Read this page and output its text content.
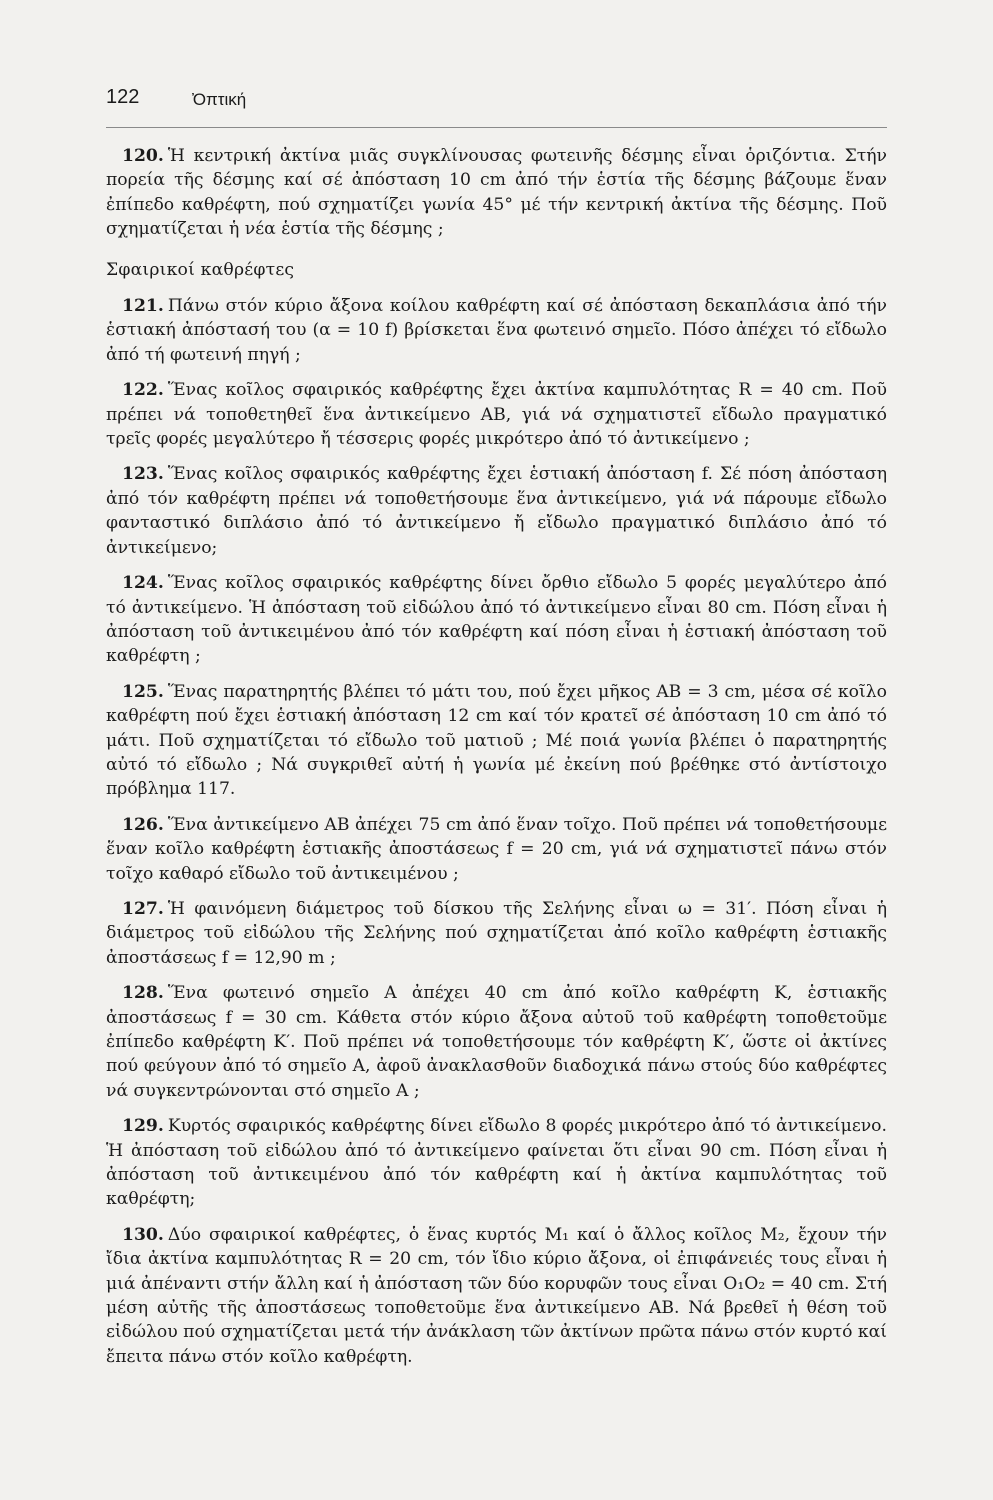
122	Ὀπτική

120. Ἡ κεντρική ἀκτίνα μιᾶς συγκλίνουσας φωτεινῆς δέσμης εἶναι ὁριζόντια. Στήν πορεία τῆς δέσμης καί σέ ἀπόσταση 10 cm ἀπό τήν ἑστία τῆς δέσμης βάζουμε ἕναν ἐπίπεδο καθρέφτη, πού σχηματίζει γωνία 45° μέ τήν κεντρική ἀκτίνα τῆς δέσμης. Ποῦ σχηματίζεται ἡ νέα ἑστία τῆς δέσμης ;

Σφαιρικοί καθρέφτες

121. Πάνω στόν κύριο ἄξονα κοίλου καθρέφτη καί σέ ἀπόσταση δεκαπλάσια ἀπό τήν ἑστιακή ἀπόστασή του (α = 10 f) βρίσκεται ἕνα φωτεινό σημεῖο. Πόσο ἀπέχει τό εἴδωλο ἀπό τή φωτεινή πηγή ;

122. Ἕνας κοῖλος σφαιρικός καθρέφτης ἔχει ἀκτίνα καμπυλότητας R = 40 cm. Ποῦ πρέπει νά τοποθετηθεῖ ἕνα ἀντικείμενο AB, γιά νά σχηματιστεῖ εἴδωλο πραγματικό τρεῖς φορές μεγαλύτερο ἤ τέσσερις φορές μικρότερο ἀπό τό ἀντικείμενο ;

123. Ἕνας κοῖλος σφαιρικός καθρέφτης ἔχει ἑστιακή ἀπόσταση f. Σέ πόση ἀπόσταση ἀπό τόν καθρέφτη πρέπει νά τοποθετήσουμε ἕνα ἀντικείμενο, γιά νά πάρουμε εἴδωλο φανταστικό διπλάσιο ἀπό τό ἀντικείμενο ἤ εἴδωλο πραγματικό διπλάσιο ἀπό τό ἀντικείμενο;

124. Ἕνας κοῖλος σφαιρικός καθρέφτης δίνει ὄρθιο εἴδωλο 5 φορές μεγαλύτερο ἀπό τό ἀντικείμενο. Ἡ ἀπόσταση τοῦ εἰδώλου ἀπό τό ἀντικείμενο εἶναι 80 cm. Πόση εἶναι ἡ ἀπόσταση τοῦ ἀντικειμένου ἀπό τόν καθρέφτη καί πόση εἶναι ἡ ἑστιακή ἀπόσταση τοῦ καθρέφτη ;

125. Ἕνας παρατηρητής βλέπει τό μάτι του, πού ἔχει μῆκος AB = 3 cm, μέσα σέ κοῖλο καθρέφτη πού ἔχει ἑστιακή ἀπόσταση 12 cm καί τόν κρατεῖ σέ ἀπόσταση 10 cm ἀπό τό μάτι. Ποῦ σχηματίζεται τό εἴδωλο τοῦ ματιοῦ ; Μέ ποιά γωνία βλέπει ὁ παρατηρητής αὐτό τό εἴδωλο ; Νά συγκριθεῖ αὐτή ἡ γωνία μέ ἐκείνη πού βρέθηκε στό ἀντίστοιχο πρόβλημα 117.

126. Ἕνα ἀντικείμενο AB ἀπέχει 75 cm ἀπό ἕναν τοῖχο. Ποῦ πρέπει νά τοποθετήσουμε ἕναν κοῖλο καθρέφτη ἑστιακῆς ἀποστάσεως f = 20 cm, γιά νά σχηματιστεῖ πάνω στόν τοῖχο καθαρό εἴδωλο τοῦ ἀντικειμένου ;

127. Ἡ φαινόμενη διάμετρος τοῦ δίσκου τῆς Σελήνης εἶναι ω = 31′. Πόση εἶναι ἡ διάμετρος τοῦ εἰδώλου τῆς Σελήνης πού σχηματίζεται ἀπό κοῖλο καθρέφτη ἑστιακῆς ἀποστάσεως f = 12,90 m ;

128. Ἕνα φωτεινό σημεῖο A ἀπέχει 40 cm ἀπό κοῖλο καθρέφτη K, ἑστιακῆς ἀποστάσεως f = 30 cm. Κάθετα στόν κύριο ἄξονα αὐτοῦ τοῦ καθρέφτη τοποθετοῦμε ἐπίπεδο καθρέφτη K′. Ποῦ πρέπει νά τοποθετήσουμε τόν καθρέφτη K′, ὥστε οἱ ἀκτίνες πού φεύγουν ἀπό τό σημεῖο A, ἀφοῦ ἀνακλασθοῦν διαδοχικά πάνω στούς δύο καθρέφτες νά συγκεντρώνονται στό σημεῖο A ;

129. Κυρτός σφαιρικός καθρέφτης δίνει εἴδωλο 8 φορές μικρότερο ἀπό τό ἀντικείμενο. Ἡ ἀπόσταση τοῦ εἰδώλου ἀπό τό ἀντικείμενο φαίνεται ὅτι εἶναι 90 cm. Πόση εἶναι ἡ ἀπόσταση τοῦ ἀντικειμένου ἀπό τόν καθρέφτη καί ἡ ἀκτίνα καμπυλότητας τοῦ καθρέφτη;

130. Δύο σφαιρικοί καθρέφτες, ὁ ἕνας κυρτός M₁ καί ὁ ἄλλος κοῖλος M₂, ἔχουν τήν ἴδια ἀκτίνα καμπυλότητας R = 20 cm, τόν ἴδιο κύριο ἄξονα, οἱ ἐπιφάνειές τους εἶναι ἡ μιά ἀπέναντι στήν ἄλλη καί ἡ ἀπόσταση τῶν δύο κορυφῶν τους εἶναι O₁O₂ = 40 cm. Στή μέση αὐτῆς τῆς ἀποστάσεως τοποθετοῦμε ἕνα ἀντικείμενο AB. Νά βρεθεῖ ἡ θέση τοῦ εἰδώλου πού σχηματίζεται μετά τήν ἀνάκλαση τῶν ἀκτίνων πρῶτα πάνω στόν κυρτό καί ἔπειτα πάνω στόν κοῖλο καθρέφτη.
